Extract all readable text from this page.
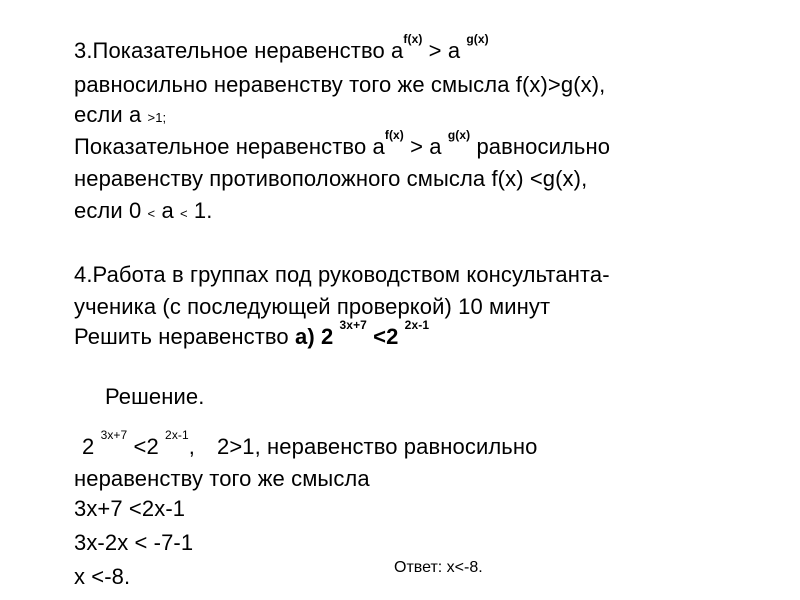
3.Показательное неравенство $a^{f(x)} > a$ $^{g(x)}$
равносильно неравенству того же смысла f(x)>g(x),
если a >1;
Показательное неравенство $a^{f(x)} > a$ $^{g(x)}$ равносильно
неравенству противоположного смысла f(x) <g(x),
если 0 < a < 1.
4.Работа в группах под руководством консультанта-
ученика (с последующей проверкой) 10 минут
Решить неравенство a) 2 $^{3x+7}$ <2 $^{2x-1}$
Решение.
2 $^{3x+7}$ <2 $^{2x-1}$, 2>1, неравенство равносильно
неравенству того же смысла
3x+7 <2x-1
3x-2x < -7-1
x <-8.	Ответ: x<-8.
